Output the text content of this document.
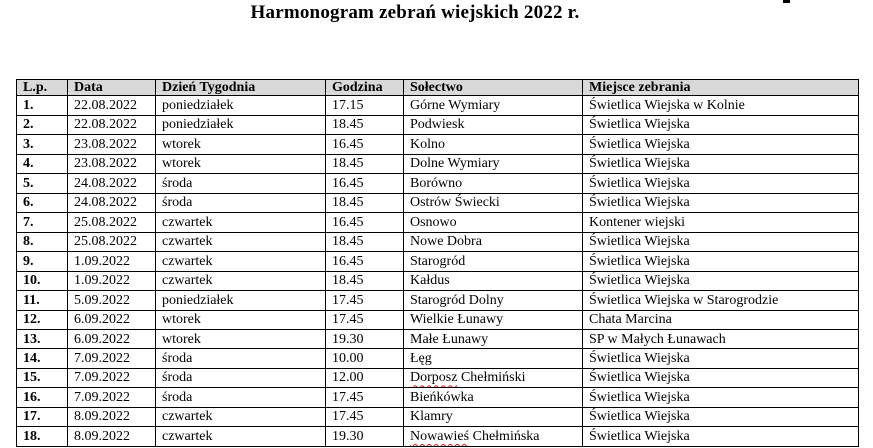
Harmonogram zebrań wiejskich 2022 r.
L.p.	Data	Dzień Tygodnia	Godzina	Sołectwo	Miejsce zebrania
1.	22.08.2022	poniedziałek	17.15	Górne Wymiary	Świetlica Wiejska w Kolnie
2.	22.08.2022	poniedziałek	18.45	Podwiesk	Świetlica Wiejska
3.	23.08.2022	wtorek	16.45	Kolno	Świetlica Wiejska
4.	23.08.2022	wtorek	18.45	Dolne Wymiary	Świetlica Wiejska
5.	24.08.2022	środa	16.45	Borówno	Świetlica Wiejska
6.	24.08.2022	środa	18.45	Ostrów Świecki	Świetlica Wiejska
7.	25.08.2022	czwartek	16.45	Osnowo	Kontener wiejski
8.	25.08.2022	czwartek	18.45	Nowe Dobra	Świetlica Wiejska
9.	1.09.2022	czwartek	16.45	Starogród	Świetlica Wiejska
10.	1.09.2022	czwartek	18.45	Kałdus	Świetlica Wiejska
11.	5.09.2022	poniedziałek	17.45	Starogród Dolny	Świetlica Wiejska w Starogrodzie
12.	6.09.2022	wtorek	17.45	Wielkie Łunawy	Chata Marcina
13.	6.09.2022	wtorek	19.30	Małe Łunawy	SP w Małych Łunawach
14.	7.09.2022	środa	10.00	Łęg	Świetlica Wiejska
15.	7.09.2022	środa	12.00	Dorposz Chełmiński	Świetlica Wiejska
16.	7.09.2022	środa	17.45	Bieńkówka	Świetlica Wiejska
17.	8.09.2022	czwartek	17.45	Klamry	Świetlica Wiejska
18.	8.09.2022	czwartek	19.30	Nowawieś Chełmińska	Świetlica Wiejska
